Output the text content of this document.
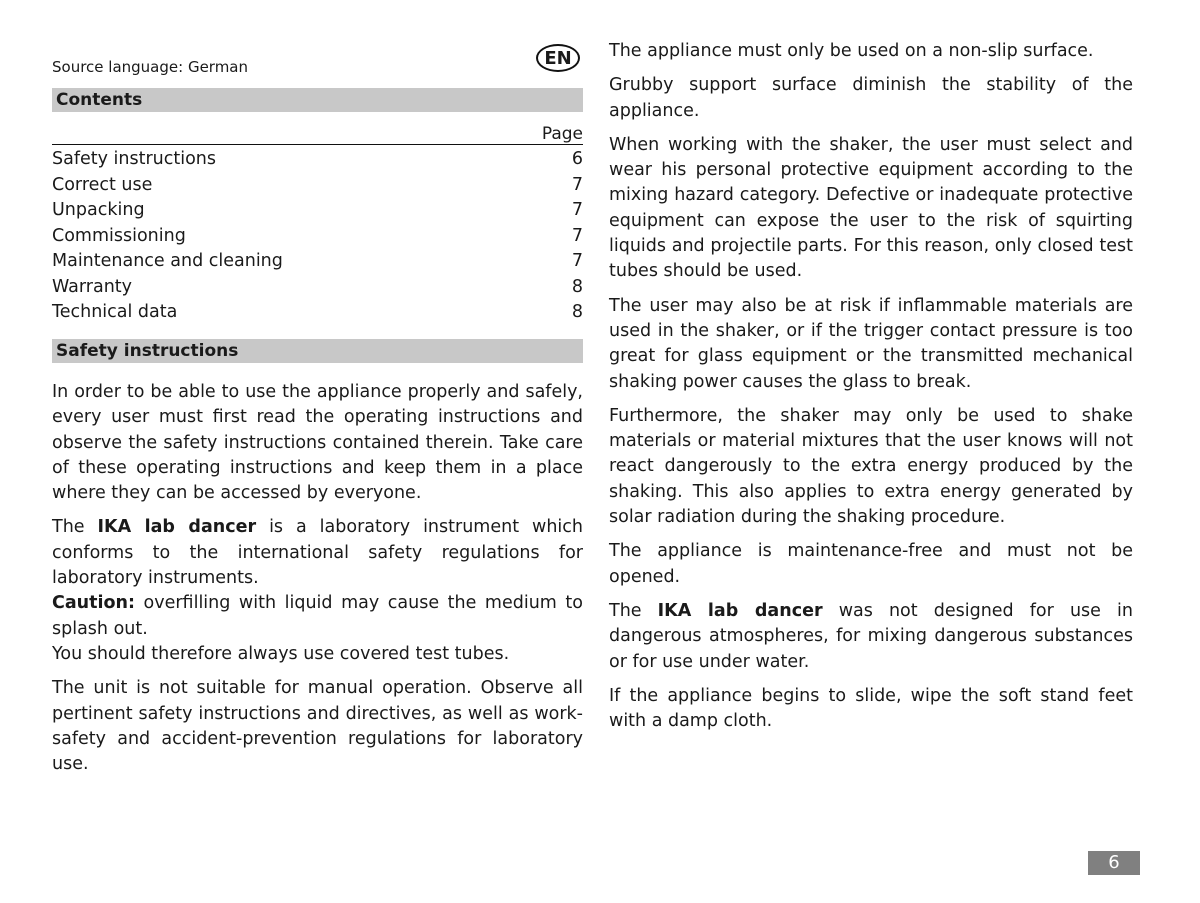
Source language: German	EN
Contents
Page
Safety instructions	6
Correct use	7
Unpacking	7
Commissioning	7
Maintenance and cleaning	7
Warranty	8
Technical data	8
Safety instructions

In order to be able to use the appliance properly and safely, every user must first read the operating instructions and observe the safety instructions contained therein. Take care of these operating instructions and keep them in a place where they can be accessed by everyone.

The IKA lab dancer is a laboratory instrument which conforms to the international safety regulations for laboratory instruments.

Caution: overfilling with liquid may cause the medium to splash out.

You should therefore always use covered test tubes.

The unit is not suitable for manual operation. Observe all pertinent safety instructions and directives, as well as work-safety and accident-prevention regulations for laboratory use.

The appliance must only be used on a non-slip surface.

Grubby support surface diminish the stability of the appliance.

When working with the shaker, the user must select and wear his personal protective equipment according to the mixing hazard category. Defective or inadequate protective equipment can expose the user to the risk of squirting liquids and projectile parts. For this reason, only closed test tubes should be used.

The user may also be at risk if inflammable materials are used in the shaker, or if the trigger contact pressure is too great for glass equipment or the transmitted mechanical shaking power causes the glass to break.

Furthermore, the shaker may only be used to shake materials or material mixtures that the user knows will not react dangerously to the extra energy produced by the shaking. This also applies to extra energy generated by solar radiation during the shaking procedure.

The appliance is maintenance-free and must not be opened.

The IKA lab dancer was not designed for use in dangerous atmospheres, for mixing dangerous substances or for use under water.

If the appliance begins to slide, wipe the soft stand feet with a damp cloth.

6
